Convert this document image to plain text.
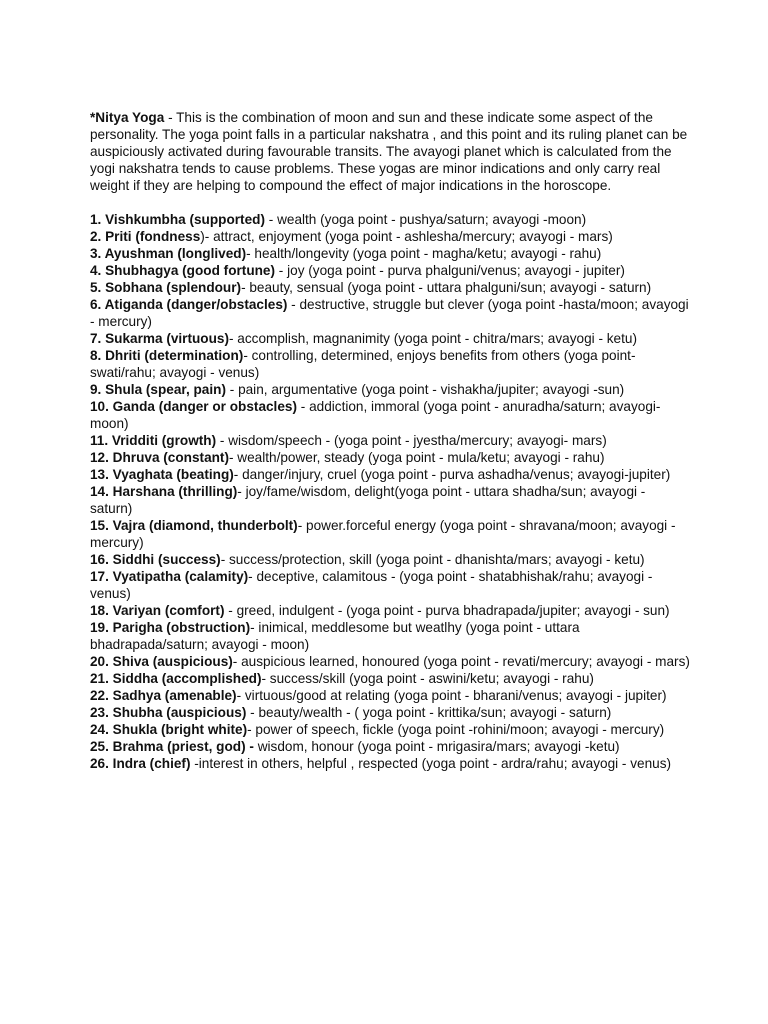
*Nitya Yoga - This is the combination of moon and sun and these indicate some aspect of the personality. The yoga point falls in a particular nakshatra , and this point and its ruling planet can be auspiciously activated during favourable transits. The avayogi planet which is calculated from the yogi nakshatra tends to cause problems. These yogas are minor indications and only carry real weight if they are helping to compound the effect of major indications in the horoscope.

1. Vishkumbha (supported) - wealth (yoga point - pushya/saturn; avayogi -moon)
2. Priti (fondness)- attract, enjoyment (yoga point - ashlesha/mercury; avayogi - mars)
3. Ayushman (longlived)- health/longevity (yoga point - magha/ketu; avayogi - rahu)
4. Shubhagya (good fortune) - joy (yoga point - purva phalguni/venus; avayogi - jupiter)
5. Sobhana (splendour)- beauty, sensual (yoga point - uttara phalguni/sun; avayogi - saturn)
6. Atiganda (danger/obstacles) - destructive, struggle but clever (yoga point -hasta/moon; avayogi - mercury)
7. Sukarma (virtuous)- accomplish, magnanimity (yoga point - chitra/mars; avayogi - ketu)
8. Dhriti (determination)- controlling, determined, enjoys benefits from others (yoga point-swati/rahu; avayogi - venus)
9. Shula (spear, pain) - pain, argumentative (yoga point - vishakha/jupiter; avayogi -sun)
10. Ganda (danger or obstacles) - addiction, immoral (yoga point - anuradha/saturn; avayogi- moon)
11. Vridditi (growth) - wisdom/speech - (yoga point - jyestha/mercury; avayogi- mars)
12. Dhruva (constant)- wealth/power, steady (yoga point - mula/ketu; avayogi - rahu)
13. Vyaghata (beating)- danger/injury, cruel (yoga point - purva ashadha/venus; avayogi-jupiter)
14. Harshana (thrilling)- joy/fame/wisdom, delight(yoga point - uttara shadha/sun; avayogi - saturn)
15. Vajra (diamond, thunderbolt)- power.forceful energy (yoga point - shravana/moon; avayogi - mercury)
16. Siddhi (success)- success/protection, skill (yoga point - dhanishta/mars; avayogi - ketu)
17. Vyatipatha (calamity)- deceptive, calamitous - (yoga point - shatabhishak/rahu; avayogi - venus)
18. Variyan (comfort) - greed, indulgent - (yoga point - purva bhadrapada/jupiter; avayogi - sun)
19. Parigha (obstruction)- inimical, meddlesome but weatlhy (yoga point - uttara bhadrapada/saturn; avayogi - moon)
20. Shiva (auspicious)- auspicious learned, honoured (yoga point - revati/mercury; avayogi - mars)
21. Siddha (accomplished)- success/skill (yoga point - aswini/ketu; avayogi - rahu)
22. Sadhya (amenable)- virtuous/good at relating (yoga point - bharani/venus; avayogi - jupiter)
23. Shubha (auspicious) - beauty/wealth - ( yoga point - krittika/sun; avayogi - saturn)
24. Shukla (bright white)- power of speech, fickle (yoga point -rohini/moon; avayogi - mercury)
25. Brahma (priest, god) - wisdom, honour (yoga point - mrigasira/mars; avayogi -ketu)
26. Indra (chief) -interest in others, helpful , respected (yoga point - ardra/rahu; avayogi - venus)
